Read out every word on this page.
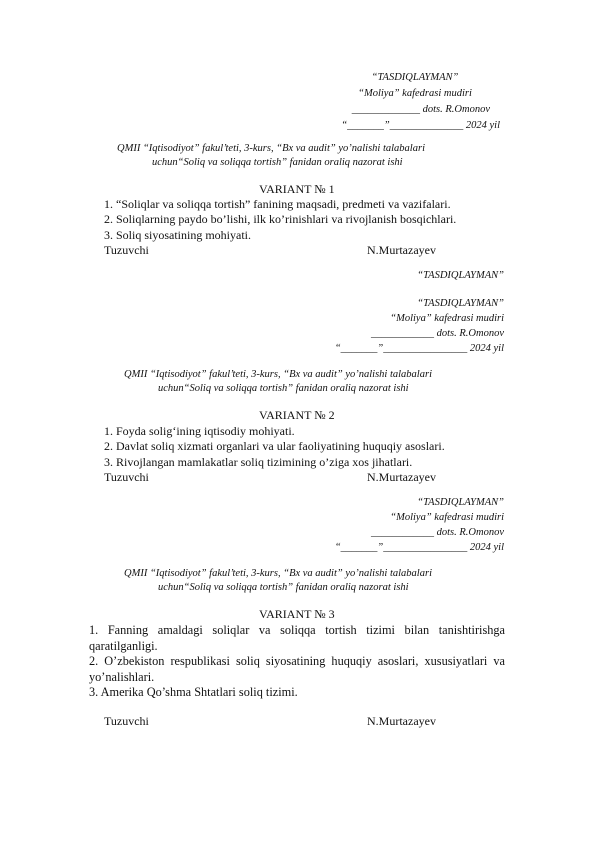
“TASDIQLAYMAN”
“Moliya” kafedrasi mudiri
_____________ dots. R.Omonov
“_______”______________ 2024 yil
QMII “Iqtisodiyot” fakul’teti, 3-kurs, “Bx va audit” yo’nalishi talabalari
uchun“Soliq va soliqqa tortish” fanidan oraliq nazorat ishi
VARIANT № 1
1. “Soliqlar va soliqqa tortish” fanining maqsadi, predmeti va vazifalari.
2. Soliqlarning paydo bo’lishi, ilk ko’rinishlari va rivojlanish bosqichlari.
3. Soliq siyosatining mohiyati.
Tuzuvchi	N.Murtazayev
“TASDIQLAYMAN”
“TASDIQLAYMAN”
“Moliya” kafedrasi mudiri
____________ dots. R.Omonov
“_______”________________ 2024 yil
QMII “Iqtisodiyot” fakul’teti, 3-kurs, “Bx va audit” yo’nalishi talabalari
uchun“Soliq va soliqqa tortish” fanidan oraliq nazorat ishi
VARIANT № 2
1. Foyda solig‘ining iqtisodiy mohiyati.
2. Davlat soliq xizmati organlari va ular faoliyatining huquqiy asoslari.
3. Rivojlangan mamlakatlar soliq tizimining o’ziga xos jihatlari.
Tuzuvchi	N.Murtazayev
“TASDIQLAYMAN”
“Moliya” kafedrasi mudiri
____________ dots. R.Omonov
“_______”________________ 2024 yil
QMII “Iqtisodiyot” fakul’teti, 3-kurs, “Bx va audit” yo’nalishi talabalari
uchun“Soliq va soliqqa tortish” fanidan oraliq nazorat ishi
VARIANT № 3
1. Fanning amaldagi soliqlar va soliqqa tortish tizimi bilan tanishtirishga
qaratilganligi.
2. O’zbekiston respublikasi soliq siyosatining huquqiy asoslari, xususiyatlari va
yo’nalishlari.
3. Amerika Qo’shma Shtatlari soliq tizimi.
Tuzuvchi	N.Murtazayev
